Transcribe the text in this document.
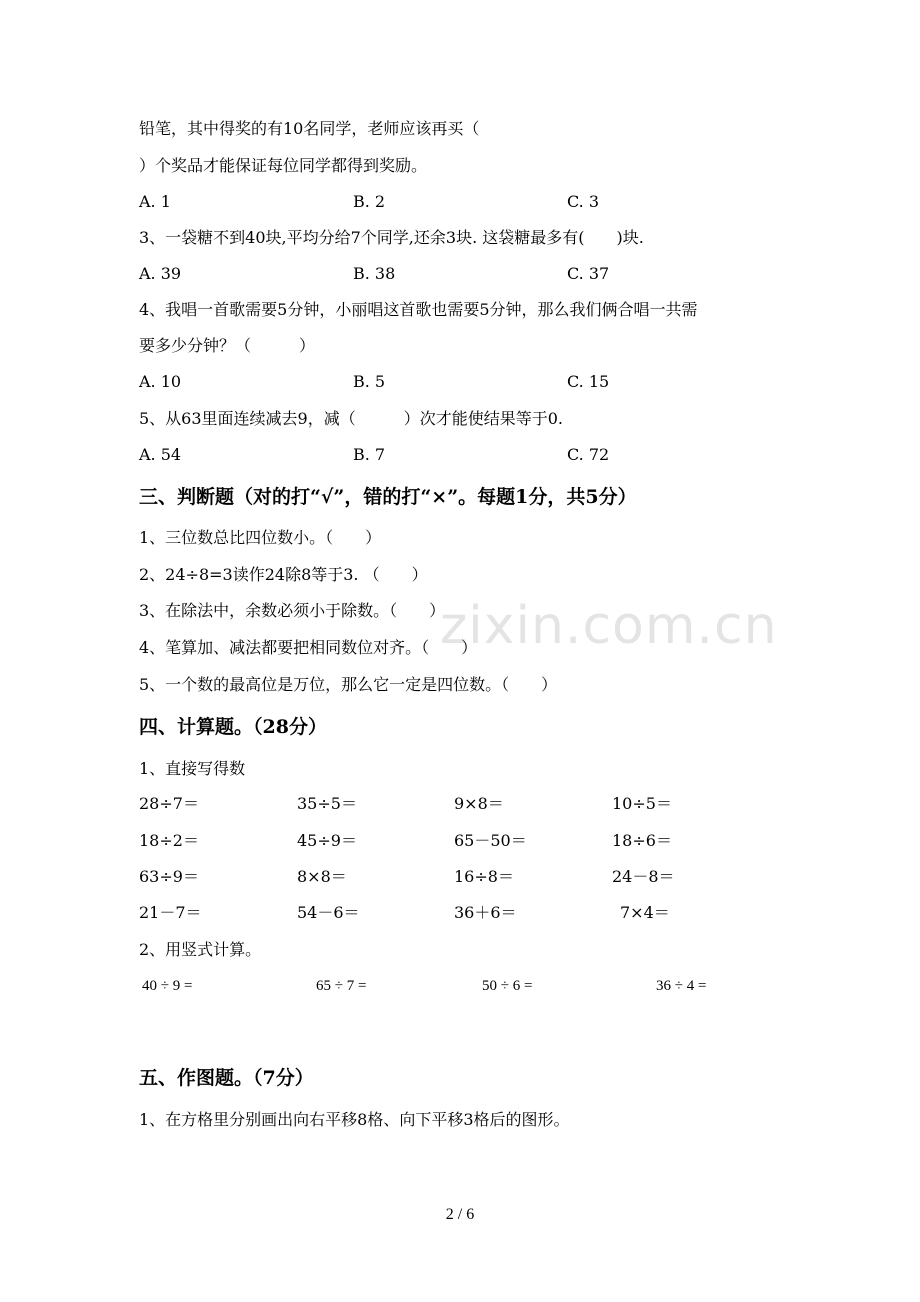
zixin.com.cn
铅笔，其中得奖的有10名同学，老师应该再买（
）个奖品才能保证每位同学都得到奖励。
A. 1	B. 2	C. 3
3、一袋糖不到40块,平均分给7个同学,还余3块. 这袋糖最多有(　　)块.
A. 39	B. 38	C. 37
4、我唱一首歌需要5分钟，小丽唱这首歌也需要5分钟，那么我们俩合唱一共需
要多少分钟？（　　　）
A. 10	B. 5	C. 15
5、从63里面连续减去9，减（　　　）次才能使结果等于0.
A. 54	B. 7	C. 72
三、判断题（对的打“√”，错的打“×”。每题1分，共5分）
1、三位数总比四位数小。（　　）
2、24÷8=3读作24除8等于3. （　　）
3、在除法中，余数必须小于除数。（　　）
4、笔算加、减法都要把相同数位对齐。（　　）
5、一个数的最高位是万位，那么它一定是四位数。（　　）
四、计算题。（28分）
1、直接写得数
28÷7＝	35÷5＝	9×8＝	10÷5＝
18÷2＝	45÷9＝	65－50＝	18÷6＝
63÷9＝	8×8＝	16÷8＝	24－8＝
21－7＝	54－6＝	36＋6＝	7×4＝
2、用竖式计算。
40 ÷ 9 =	65 ÷ 7 =	50 ÷ 6 =	36 ÷ 4 =
五、作图题。（7分）
1、在方格里分别画出向右平移8格、向下平移3格后的图形。
2 / 6
